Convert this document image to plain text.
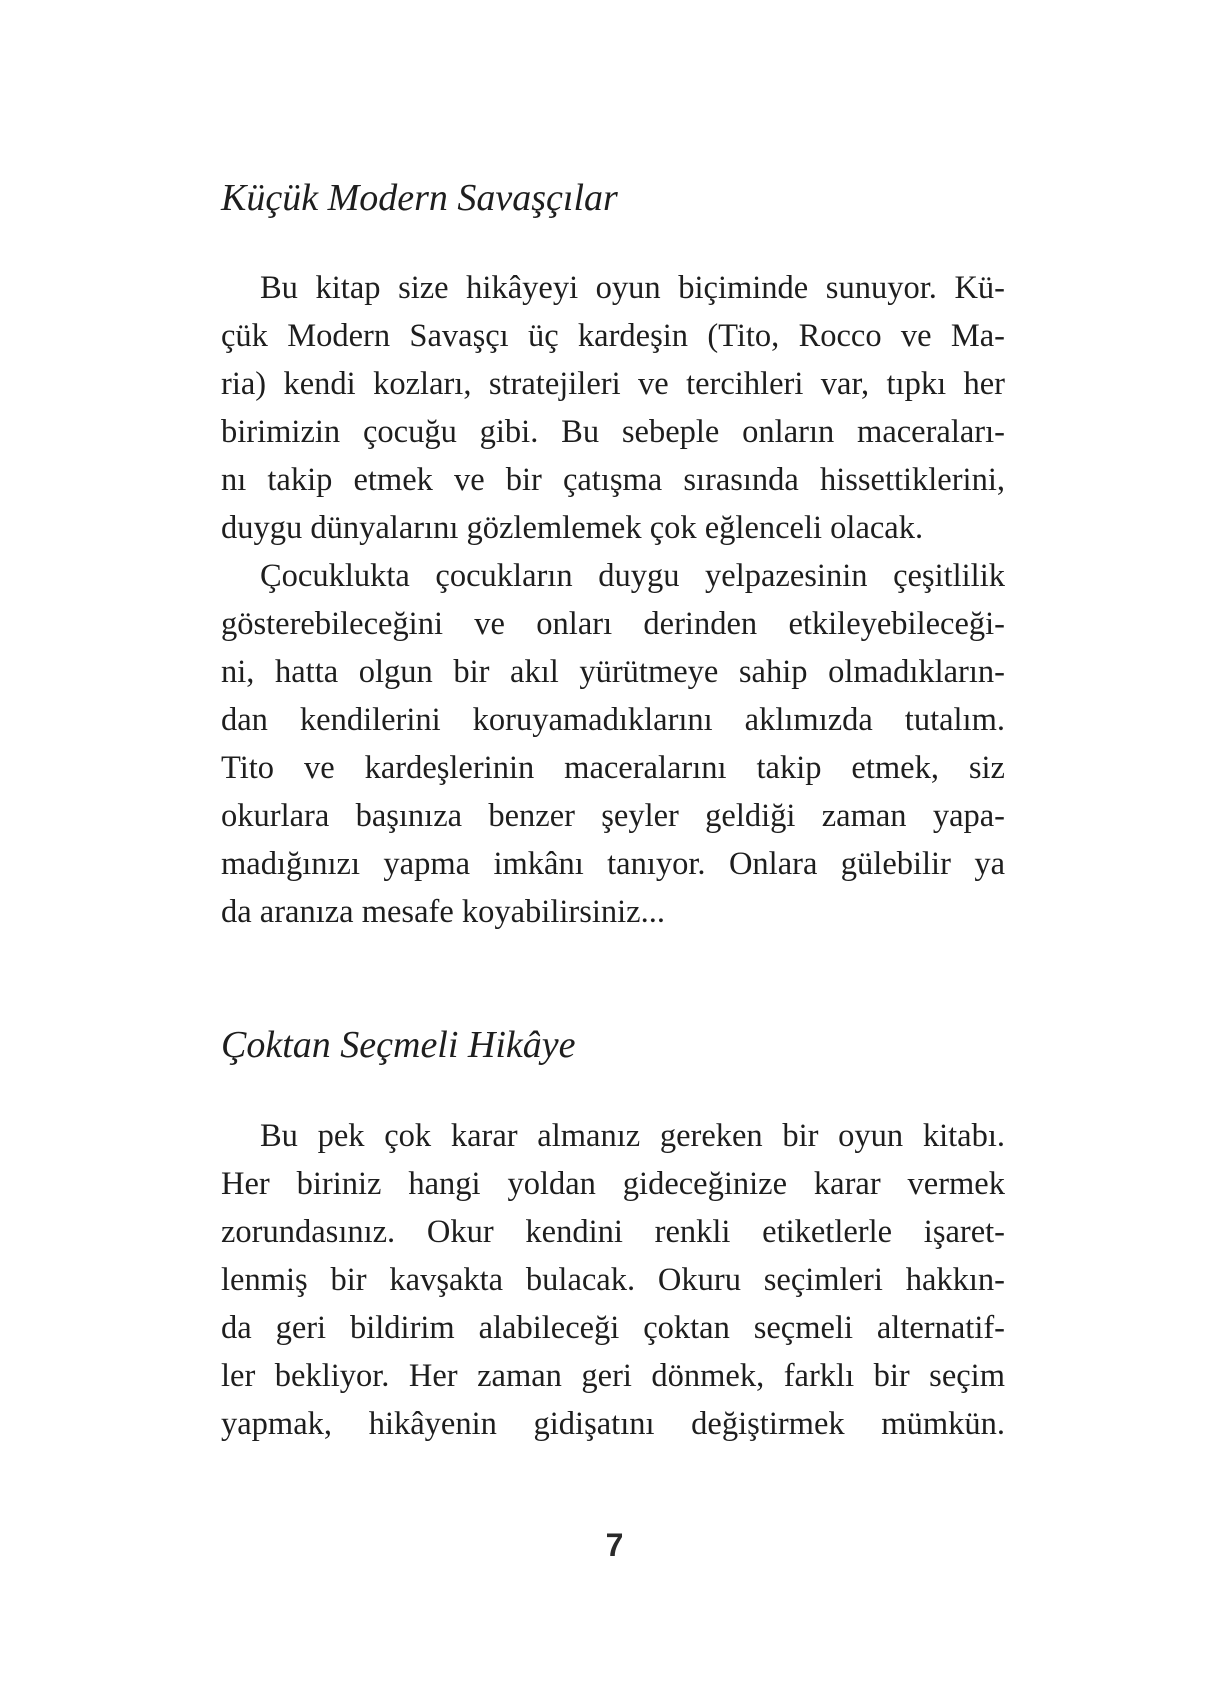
Küçük Modern Savaşçılar
Bu kitap size hikâyeyi oyun biçiminde sunuyor. Kü-
çük Modern Savaşçı üç kardeşin (Tito, Rocco ve Ma-
ria) kendi kozları, stratejileri ve tercihleri var, tıpkı her
birimizin çocuğu gibi. Bu sebeple onların maceraları-
nı takip etmek ve bir çatışma sırasında hissettiklerini,
duygu dünyalarını gözlemlemek çok eğlenceli olacak.
Çocuklukta çocukların duygu yelpazesinin çeşitlilik
gösterebileceğini ve onları derinden etkileyebileceği-
ni, hatta olgun bir akıl yürütmeye sahip olmadıkların-
dan kendilerini koruyamadıklarını aklımızda tutalım.
Tito ve kardeşlerinin maceralarını takip etmek, siz
okurlara başınıza benzer şeyler geldiği zaman yapa-
madığınızı yapma imkânı tanıyor. Onlara gülebilir ya
da aranıza mesafe koyabilirsiniz...
Çoktan Seçmeli Hikâye
Bu pek çok karar almanız gereken bir oyun kitabı.
Her biriniz hangi yoldan gideceğinize karar vermek
zorundasınız. Okur kendini renkli etiketlerle işaret-
lenmiş bir kavşakta bulacak. Okuru seçimleri hakkın-
da geri bildirim alabileceği çoktan seçmeli alternatif-
ler bekliyor. Her zaman geri dönmek, farklı bir seçim
yapmak, hikâyenin gidişatını değiştirmek mümkün.
7
